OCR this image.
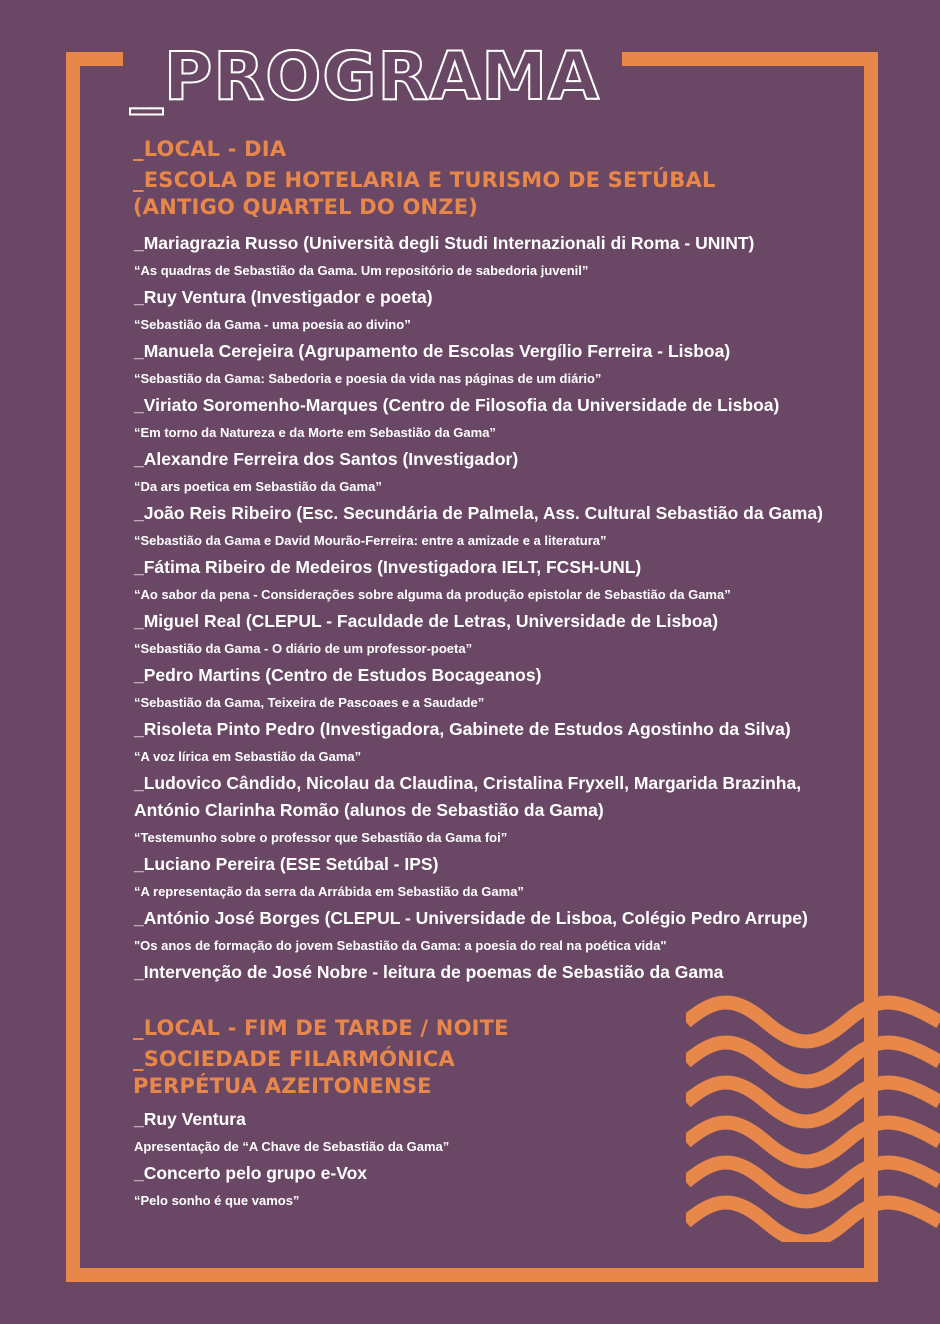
_PROGRAMA
_LOCAL - DIA
_ESCOLA DE HOTELARIA E TURISMO DE SETÚBAL
(ANTIGO QUARTEL DO ONZE)
_Mariagrazia Russo (Università degli Studi Internazionali di Roma - UNINT)
“As quadras de Sebastião da Gama. Um repositório de sabedoria juvenil”
_Ruy Ventura (Investigador e poeta)
“Sebastião da Gama - uma poesia ao divino”
_Manuela Cerejeira (Agrupamento de Escolas Vergílio Ferreira - Lisboa)
“Sebastião da Gama: Sabedoria e poesia da vida nas páginas de um diário”
_Viriato Soromenho-Marques (Centro de Filosofia da Universidade de Lisboa)
“Em torno da Natureza e da Morte em Sebastião da Gama”
_Alexandre Ferreira dos Santos (Investigador)
“Da ars poetica em Sebastião da Gama”
_João Reis Ribeiro (Esc. Secundária de Palmela, Ass. Cultural Sebastião da Gama)
“Sebastião da Gama e David Mourão-Ferreira: entre a amizade e a literatura”
_Fátima Ribeiro de Medeiros (Investigadora IELT, FCSH-UNL)
“Ao sabor da pena - Considerações sobre alguma da produção epistolar de Sebastião da Gama”
_Miguel Real (CLEPUL - Faculdade de Letras, Universidade de Lisboa)
“Sebastião da Gama - O diário de um professor-poeta”
_Pedro Martins (Centro de Estudos Bocageanos)
“Sebastião da Gama, Teixeira de Pascoaes e a Saudade”
_Risoleta Pinto Pedro (Investigadora, Gabinete de Estudos Agostinho da Silva)
“A voz lírica em Sebastião da Gama”
_Ludovico Cândido, Nicolau da Claudina, Cristalina Fryxell, Margarida Brazinha,
António Clarinha Romão (alunos de Sebastião da Gama)
“Testemunho sobre o professor que Sebastião da Gama foi”
_Luciano Pereira (ESE Setúbal - IPS)
“A representação da serra da Arrábida em Sebastião da Gama”
_António José Borges (CLEPUL - Universidade de Lisboa, Colégio Pedro Arrupe)
"Os anos de formação do jovem Sebastião da Gama: a poesia do real na poética vida"
_Intervenção de José Nobre - leitura de poemas de Sebastião da Gama
_LOCAL - FIM DE TARDE / NOITE
_SOCIEDADE FILARMÓNICA
PERPÉTUA AZEITONENSE
_Ruy Ventura
Apresentação de “A Chave de Sebastião da Gama”
_Concerto pelo grupo e-Vox
“Pelo sonho é que vamos”
